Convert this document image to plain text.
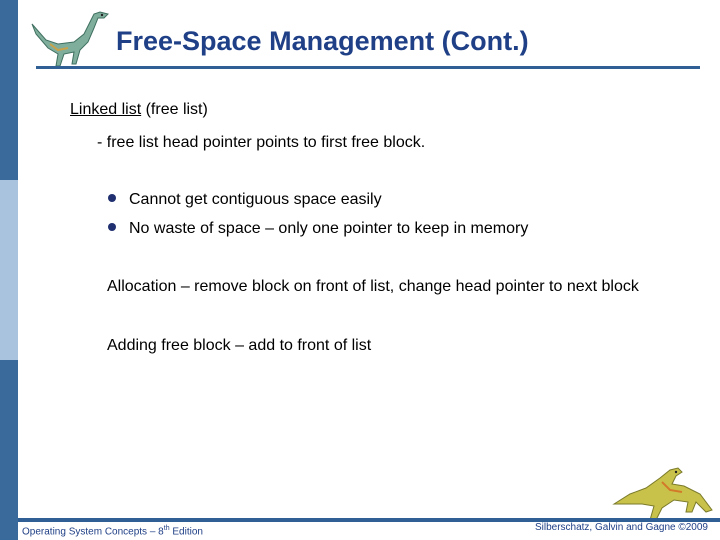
Free-Space Management (Cont.)
Linked list (free list)
- free list head pointer points to first free block.
Cannot get contiguous space easily
No waste of space – only one pointer to keep in memory
Allocation – remove block on front of list, change head pointer to next block
Adding free block – add to front of list
Operating System Concepts – 8th Edition	Silberschatz, Galvin and Gagne ©2009
